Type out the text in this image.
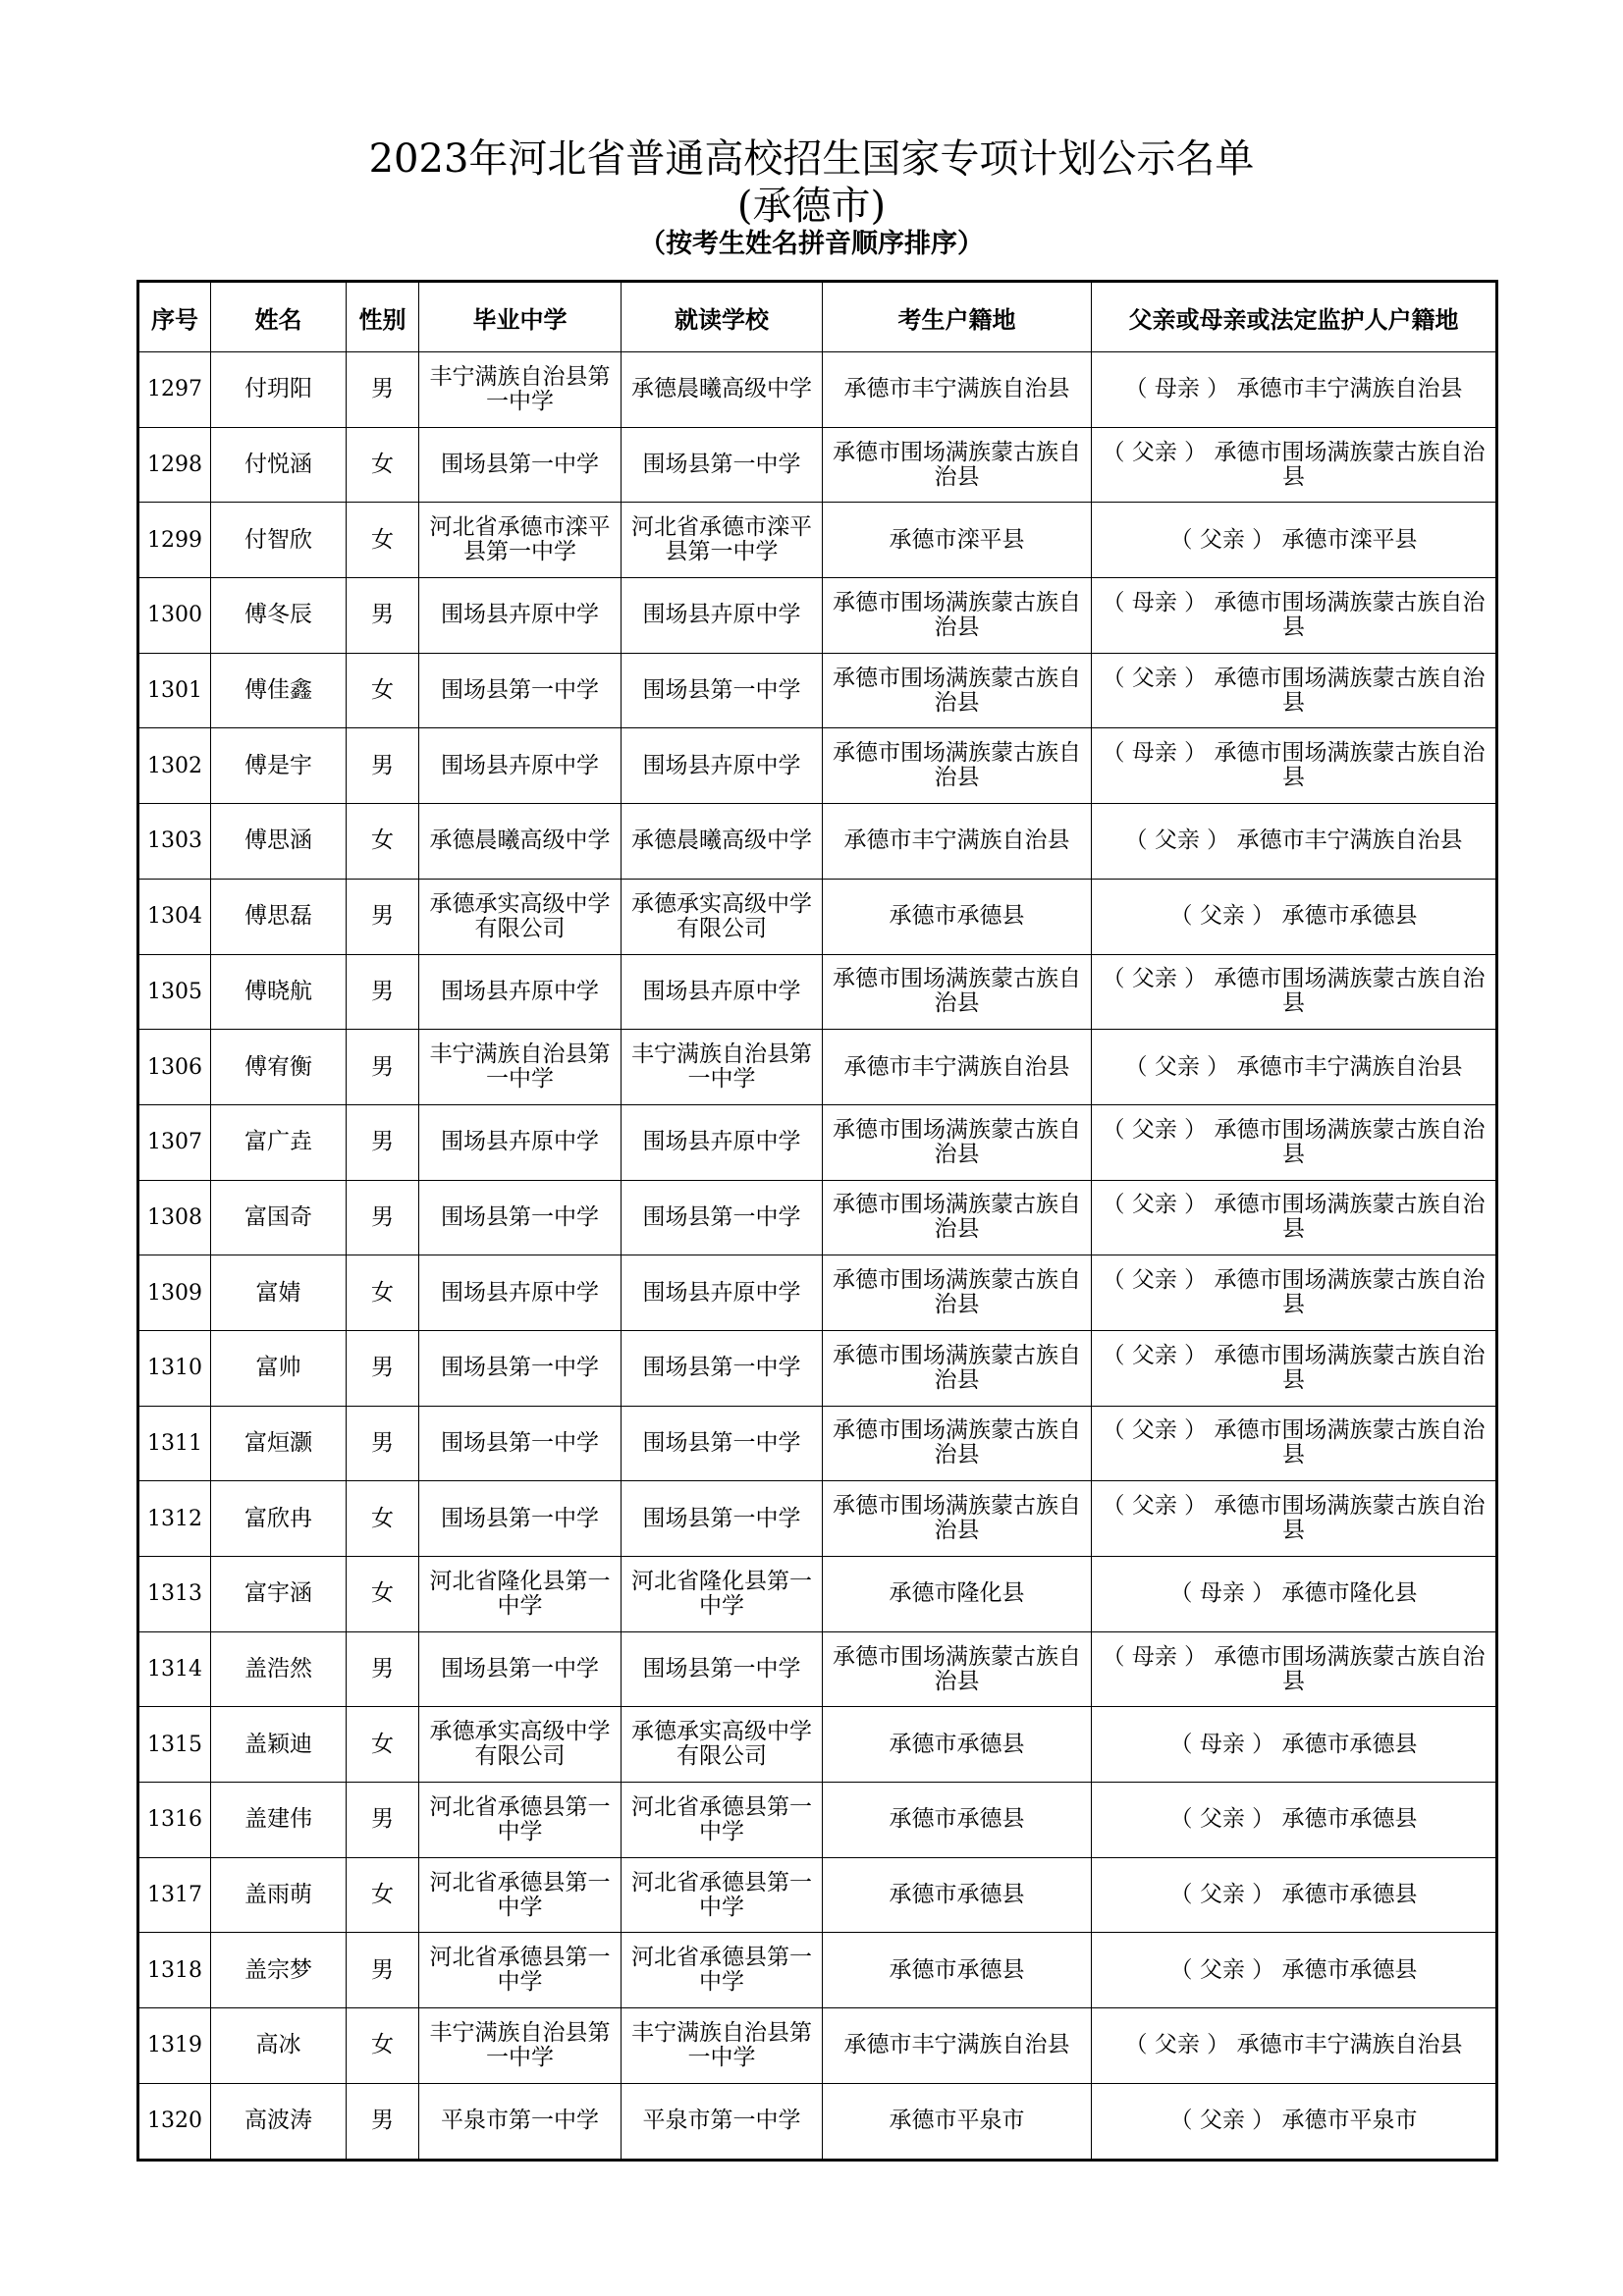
2023年河北省普通高校招生国家专项计划公示名单
(承德市)
（按考生姓名拼音顺序排序）
序号	姓名	性别	毕业中学	就读学校	考生户籍地	父亲或母亲或法定监护人户籍地
1297	付玥阳	男	丰宁满族自治县第一中学	承德晨曦高级中学	承德市丰宁满族自治县	（ 母亲 ） 承德市丰宁满族自治县
1298	付悦涵	女	围场县第一中学	围场县第一中学	承德市围场满族蒙古族自治县	（ 父亲 ） 承德市围场满族蒙古族自治县
1299	付智欣	女	河北省承德市滦平县第一中学	河北省承德市滦平县第一中学	承德市滦平县	（ 父亲 ） 承德市滦平县
1300	傅冬辰	男	围场县卉原中学	围场县卉原中学	承德市围场满族蒙古族自治县	（ 母亲 ） 承德市围场满族蒙古族自治县
1301	傅佳鑫	女	围场县第一中学	围场县第一中学	承德市围场满族蒙古族自治县	（ 父亲 ） 承德市围场满族蒙古族自治县
1302	傅是宇	男	围场县卉原中学	围场县卉原中学	承德市围场满族蒙古族自治县	（ 母亲 ） 承德市围场满族蒙古族自治县
1303	傅思涵	女	承德晨曦高级中学	承德晨曦高级中学	承德市丰宁满族自治县	（ 父亲 ） 承德市丰宁满族自治县
1304	傅思磊	男	承德承实高级中学有限公司	承德承实高级中学有限公司	承德市承德县	（ 父亲 ） 承德市承德县
1305	傅晓航	男	围场县卉原中学	围场县卉原中学	承德市围场满族蒙古族自治县	（ 父亲 ） 承德市围场满族蒙古族自治县
1306	傅宥衡	男	丰宁满族自治县第一中学	丰宁满族自治县第一中学	承德市丰宁满族自治县	（ 父亲 ） 承德市丰宁满族自治县
1307	富广垚	男	围场县卉原中学	围场县卉原中学	承德市围场满族蒙古族自治县	（ 父亲 ） 承德市围场满族蒙古族自治县
1308	富国奇	男	围场县第一中学	围场县第一中学	承德市围场满族蒙古族自治县	（ 父亲 ） 承德市围场满族蒙古族自治县
1309	富婧	女	围场县卉原中学	围场县卉原中学	承德市围场满族蒙古族自治县	（ 父亲 ） 承德市围场满族蒙古族自治县
1310	富帅	男	围场县第一中学	围场县第一中学	承德市围场满族蒙古族自治县	（ 父亲 ） 承德市围场满族蒙古族自治县
1311	富烜灏	男	围场县第一中学	围场县第一中学	承德市围场满族蒙古族自治县	（ 父亲 ） 承德市围场满族蒙古族自治县
1312	富欣冉	女	围场县第一中学	围场县第一中学	承德市围场满族蒙古族自治县	（ 父亲 ） 承德市围场满族蒙古族自治县
1313	富宇涵	女	河北省隆化县第一中学	河北省隆化县第一中学	承德市隆化县	（ 母亲 ） 承德市隆化县
1314	盖浩然	男	围场县第一中学	围场县第一中学	承德市围场满族蒙古族自治县	（ 母亲 ） 承德市围场满族蒙古族自治县
1315	盖颖迪	女	承德承实高级中学有限公司	承德承实高级中学有限公司	承德市承德县	（ 母亲 ） 承德市承德县
1316	盖建伟	男	河北省承德县第一中学	河北省承德县第一中学	承德市承德县	（ 父亲 ） 承德市承德县
1317	盖雨萌	女	河北省承德县第一中学	河北省承德县第一中学	承德市承德县	（ 父亲 ） 承德市承德县
1318	盖宗梦	男	河北省承德县第一中学	河北省承德县第一中学	承德市承德县	（ 父亲 ） 承德市承德县
1319	高冰	女	丰宁满族自治县第一中学	丰宁满族自治县第一中学	承德市丰宁满族自治县	（ 父亲 ） 承德市丰宁满族自治县
1320	高波涛	男	平泉市第一中学	平泉市第一中学	承德市平泉市	（ 父亲 ） 承德市平泉市
